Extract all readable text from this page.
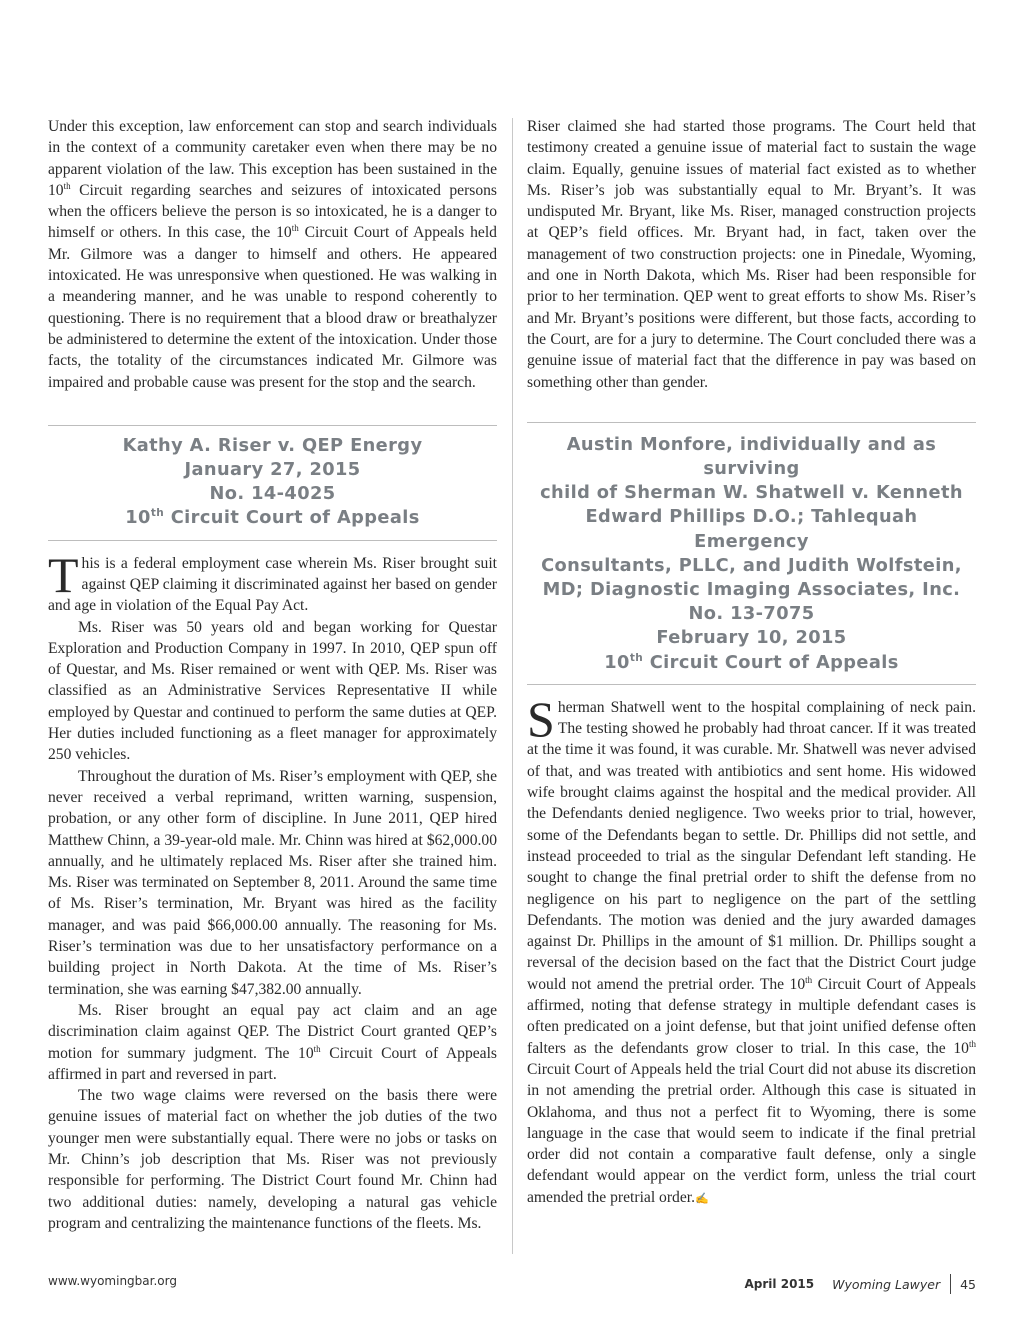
Under this exception, law enforcement can stop and search individuals in the context of a community caretaker even when there may be no apparent violation of the law. This exception has been sustained in the 10th Circuit regarding searches and seizures of intoxicated persons when the officers believe the person is so intoxicated, he is a danger to himself or others. In this case, the 10th Circuit Court of Appeals held Mr. Gilmore was a danger to himself and others. He appeared intoxicated. He was unresponsive when questioned. He was walking in a meandering manner, and he was unable to respond coherently to questioning. There is no requirement that a blood draw or breathalyzer be administered to determine the extent of the intoxication. Under those facts, the totality of the circumstances indicated Mr. Gilmore was impaired and probable cause was present for the stop and the search.

Kathy A. Riser v. QEP Energy
January 27, 2015
No. 14-4025
10th Circuit Court of Appeals

This is a federal employment case wherein Ms. Riser brought suit against QEP claiming it discriminated against her based on gender and age in violation of the Equal Pay Act.

Ms. Riser was 50 years old and began working for Questar Exploration and Production Company in 1997. In 2010, QEP spun off of Questar, and Ms. Riser remained or went with QEP. Ms. Riser was classified as an Administrative Services Representative II while employed by Questar and continued to perform the same duties at QEP. Her duties included functioning as a fleet manager for approximately 250 vehicles.

Throughout the duration of Ms. Riser’s employment with QEP, she never received a verbal reprimand, written warning, suspension, probation, or any other form of discipline. In June 2011, QEP hired Matthew Chinn, a 39-year-old male. Mr. Chinn was hired at $62,000.00 annually, and he ultimately replaced Ms. Riser after she trained him. Ms. Riser was terminated on September 8, 2011. Around the same time of Ms. Riser’s termination, Mr. Bryant was hired as the facility manager, and was paid $66,000.00 annually. The reasoning for Ms. Riser’s termination was due to her unsatisfactory performance on a building project in North Dakota. At the time of Ms. Riser’s termination, she was earning $47,382.00 annually.

Ms. Riser brought an equal pay act claim and an age discrimination claim against QEP. The District Court granted QEP’s motion for summary judgment. The 10th Circuit Court of Appeals affirmed in part and reversed in part.

The two wage claims were reversed on the basis there were genuine issues of material fact on whether the job duties of the two younger men were substantially equal. There were no jobs or tasks on Mr. Chinn’s job description that Ms. Riser was not previously responsible for performing. The District Court found Mr. Chinn had two additional duties: namely, developing a natural gas vehicle program and centralizing the maintenance functions of the fleets. Ms.

Riser claimed she had started those programs. The Court held that testimony created a genuine issue of material fact to sustain the wage claim. Equally, genuine issues of material fact existed as to whether Ms. Riser’s job was substantially equal to Mr. Bryant’s. It was undisputed Mr. Bryant, like Ms. Riser, managed construction projects at QEP’s field offices. Mr. Bryant had, in fact, taken over the management of two construction projects: one in Pinedale, Wyoming, and one in North Dakota, which Ms. Riser had been responsible for prior to her termination. QEP went to great efforts to show Ms. Riser’s and Mr. Bryant’s positions were different, but those facts, according to the Court, are for a jury to determine. The Court concluded there was a genuine issue of material fact that the difference in pay was based on something other than gender.

Austin Monfore, individually and as surviving
child of Sherman W. Shatwell v. Kenneth
Edward Phillips D.O.; Tahlequah Emergency
Consultants, PLLC, and Judith Wolfstein,
MD; Diagnostic Imaging Associates, Inc.
No. 13-7075
February 10, 2015
10th Circuit Court of Appeals

Sherman Shatwell went to the hospital complaining of neck pain. The testing showed he probably had throat cancer. If it was treated at the time it was found, it was curable. Mr. Shatwell was never advised of that, and was treated with antibiotics and sent home. His widowed wife brought claims against the hospital and the medical provider. All the Defendants denied negligence. Two weeks prior to trial, however, some of the Defendants began to settle. Dr. Phillips did not settle, and instead proceeded to trial as the singular Defendant left standing. He sought to change the final pretrial order to shift the defense from no negligence on his part to negligence on the part of the settling Defendants. The motion was denied and the jury awarded damages against Dr. Phillips in the amount of $1 million. Dr. Phillips sought a reversal of the decision based on the fact that the District Court judge would not amend the pretrial order. The 10th Circuit Court of Appeals affirmed, noting that defense strategy in multiple defendant cases is often predicated on a joint defense, but that joint unified defense often falters as the defendants grow closer to trial. In this case, the 10th Circuit Court of Appeals held the trial Court did not abuse its discretion in not amending the pretrial order. Although this case is situated in Oklahoma, and thus not a perfect fit to Wyoming, there is some language in the case that would seem to indicate if the final pretrial order did not contain a comparative fault defense, only a single defendant would appear on the verdict form, unless the trial court amended the pretrial order.✍

www.wyomingbar.org	April 2015 Wyoming Lawyer 45
